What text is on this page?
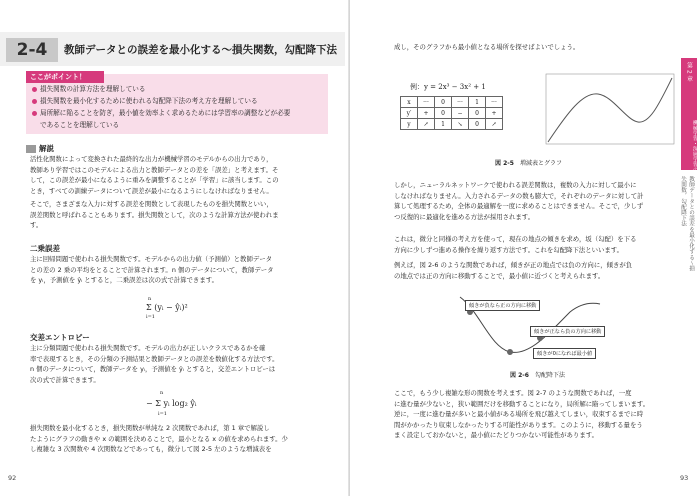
2-4	教師データとの誤差を最小化する〜損失関数，勾配降下法
ここがポイント！
損失関数の計算方法を理解している
損失関数を最小化するために使われる勾配降下法の考え方を理解している
局所解に陥ることを防ぎ，最小値を効率よく求めるためには学習率の調整などが必要
であることを理解している
解説
活性化関数によって変換された最終的な出力が機械学習のモデルからの出力であり，
教師あり学習ではこのモデルによる出力と教師データとの差を「誤差」と考えます。そ
して，この誤差が最小になるように重みを調整することが「学習」に該当します。この
とき，すべての訓練データについて誤差が最小になるようにしなければなりません。
そこで，さまざまな入力に対する誤差を関数として表現したものを損失関数といい，
誤差関数と呼ばれることもあります。損失関数として，次のような計算方法が使われま
す。
二乗誤差
主に回帰問題で使われる損失関数です。モデルからの出力値（予測値）と教師データ
との差の 2 乗の平均をとることで計算されます。n 個のデータについて，教師データ
を yᵢ，予測値を ŷᵢ とすると，二乗誤差は次の式で計算できます。
n
Σ (yᵢ − ŷᵢ)²
i=1
交差エントロピー
主に分類問題で使われる損失関数です。モデルの出力が正しいクラスであるかを確
率で表現するとき，その分類の予測結果と教師データとの誤差を数値化する方法です。
n 個のデータについて，教師データを yᵢ，予測値を ŷᵢ とすると，交差エントロピーは
次の式で計算できます。
n
− Σ yᵢ log₂ ŷᵢ
i=1
損失関数を最小化するとき，損失関数が単純な 2 次関数であれば，第 1 章で解説し
たようにグラフの動きや x の範囲を決めることで，最小となる x の値を求められます。少
し複雑な 3 次関数や 4 次関数などであっても，微分して図 2-5 左のような増減表を
92
成し，そのグラフから最小値となる場所を探せばよいでしょう。
例：y = 2x³ − 3x² + 1
x	···	0	···	1	···
y′	+	0	−	0	+
y	↗	1	↘	0	↗
図 2-5　 増減表とグラフ
しかし，ニューラルネットワークで使われる誤差関数は，複数の入力に対して最小に
しなければなりません。入力されるデータの数も膨大で，それぞれのデータに対して計
算して処理するため，全体の最適解を一度に求めることはできません。そこで，少しず
つ反復的に最適化を進める方法が採用されます。
これは，微分と同様の考え方を使って，現在の地点の傾きを求め，坂（勾配）を下る
方向に少しずつ進める操作を繰り返す方法です。これを勾配降下法といいます。
例えば，図 2-6 のような関数であれば，傾きが正の地点では負の方向に，傾きが負
の地点では正の方向に移動することで，最小値に近づくと考えられます。
傾きが負なら正の方向に移動
傾きが正なら負の方向に移動
傾きが0になれば最小値
図 2-6　 勾配降下法
ここで，もう少し複雑な形の関数を考えます。図 2-7 のような関数であれば，一度
に進む量が少ないと，狭い範囲だけを移動することになり，局所解に陥ってしまいます。
逆に，一度に進む量が多いと最小値がある場所を飛び越えてしまい，収束するまでに時
間がかかったり収束しなかったりする可能性があります。このように，移動する量をう
まく設定しておかないと，最小値にたどりつかない可能性があります。
第 2 章
機械学習・深層学習の手法
教師データとの誤差を最小化する〜損失関数，勾配降下法
93
